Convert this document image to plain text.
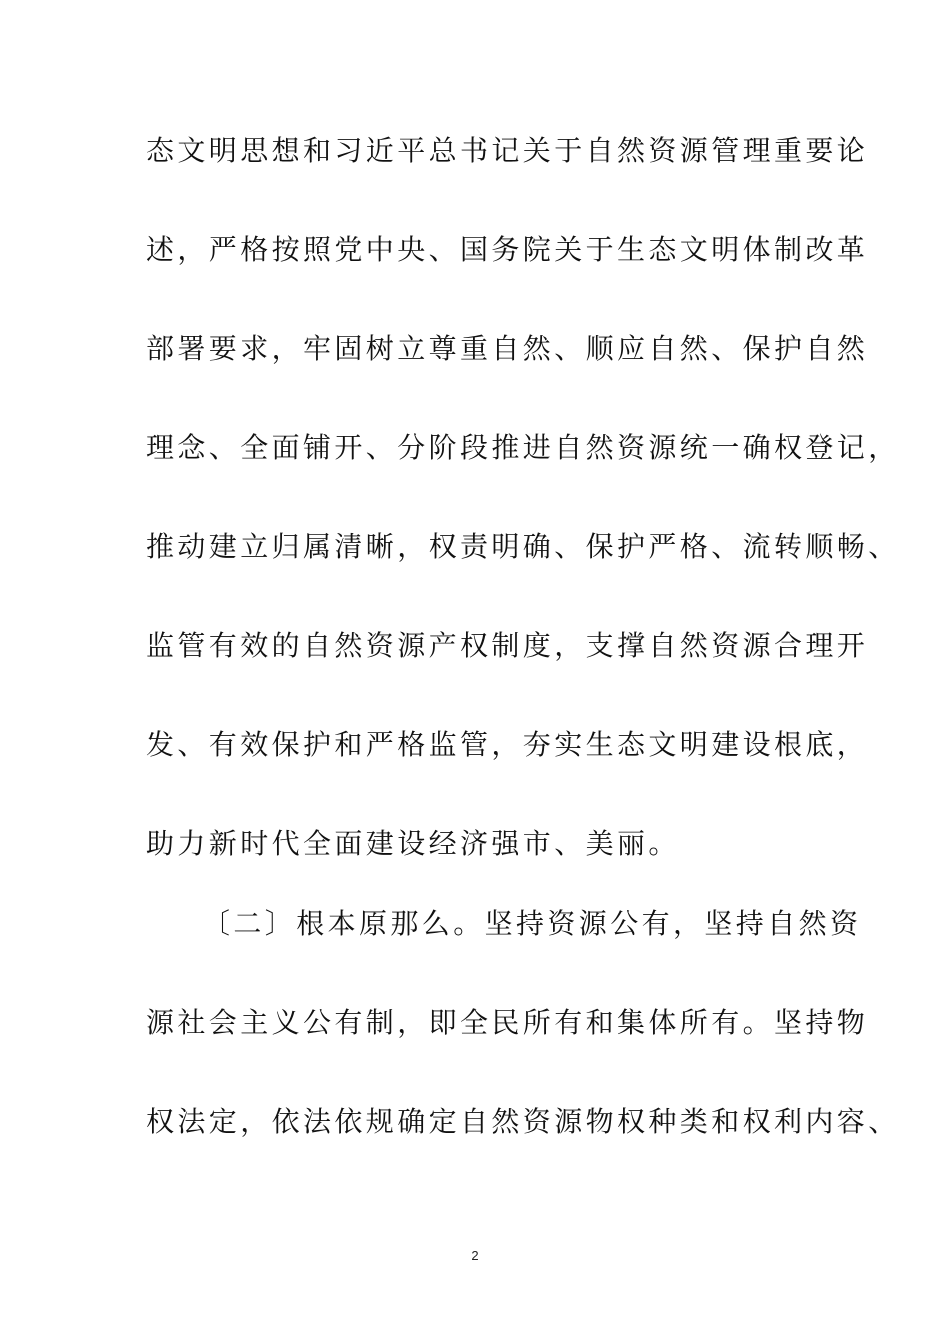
态文明思想和习近平总书记关于自然资源管理重要论
述，严格按照党中央、国务院关于生态文明体制改革
部署要求，牢固树立尊重自然、顺应自然、保护自然
理念、全面铺开、分阶段推进自然资源统一确权登记，
推动建立归属清晰，权责明确、保护严格、流转顺畅、
监管有效的自然资源产权制度，支撑自然资源合理开
发、有效保护和严格监管，夯实生态文明建设根底，
助力新时代全面建设经济强市、美丽。
〔二〕根本原那么。坚持资源公有，坚持自然资
源社会主义公有制，即全民所有和集体所有。坚持物
权法定，依法依规确定自然资源物权种类和权利内容、
2
